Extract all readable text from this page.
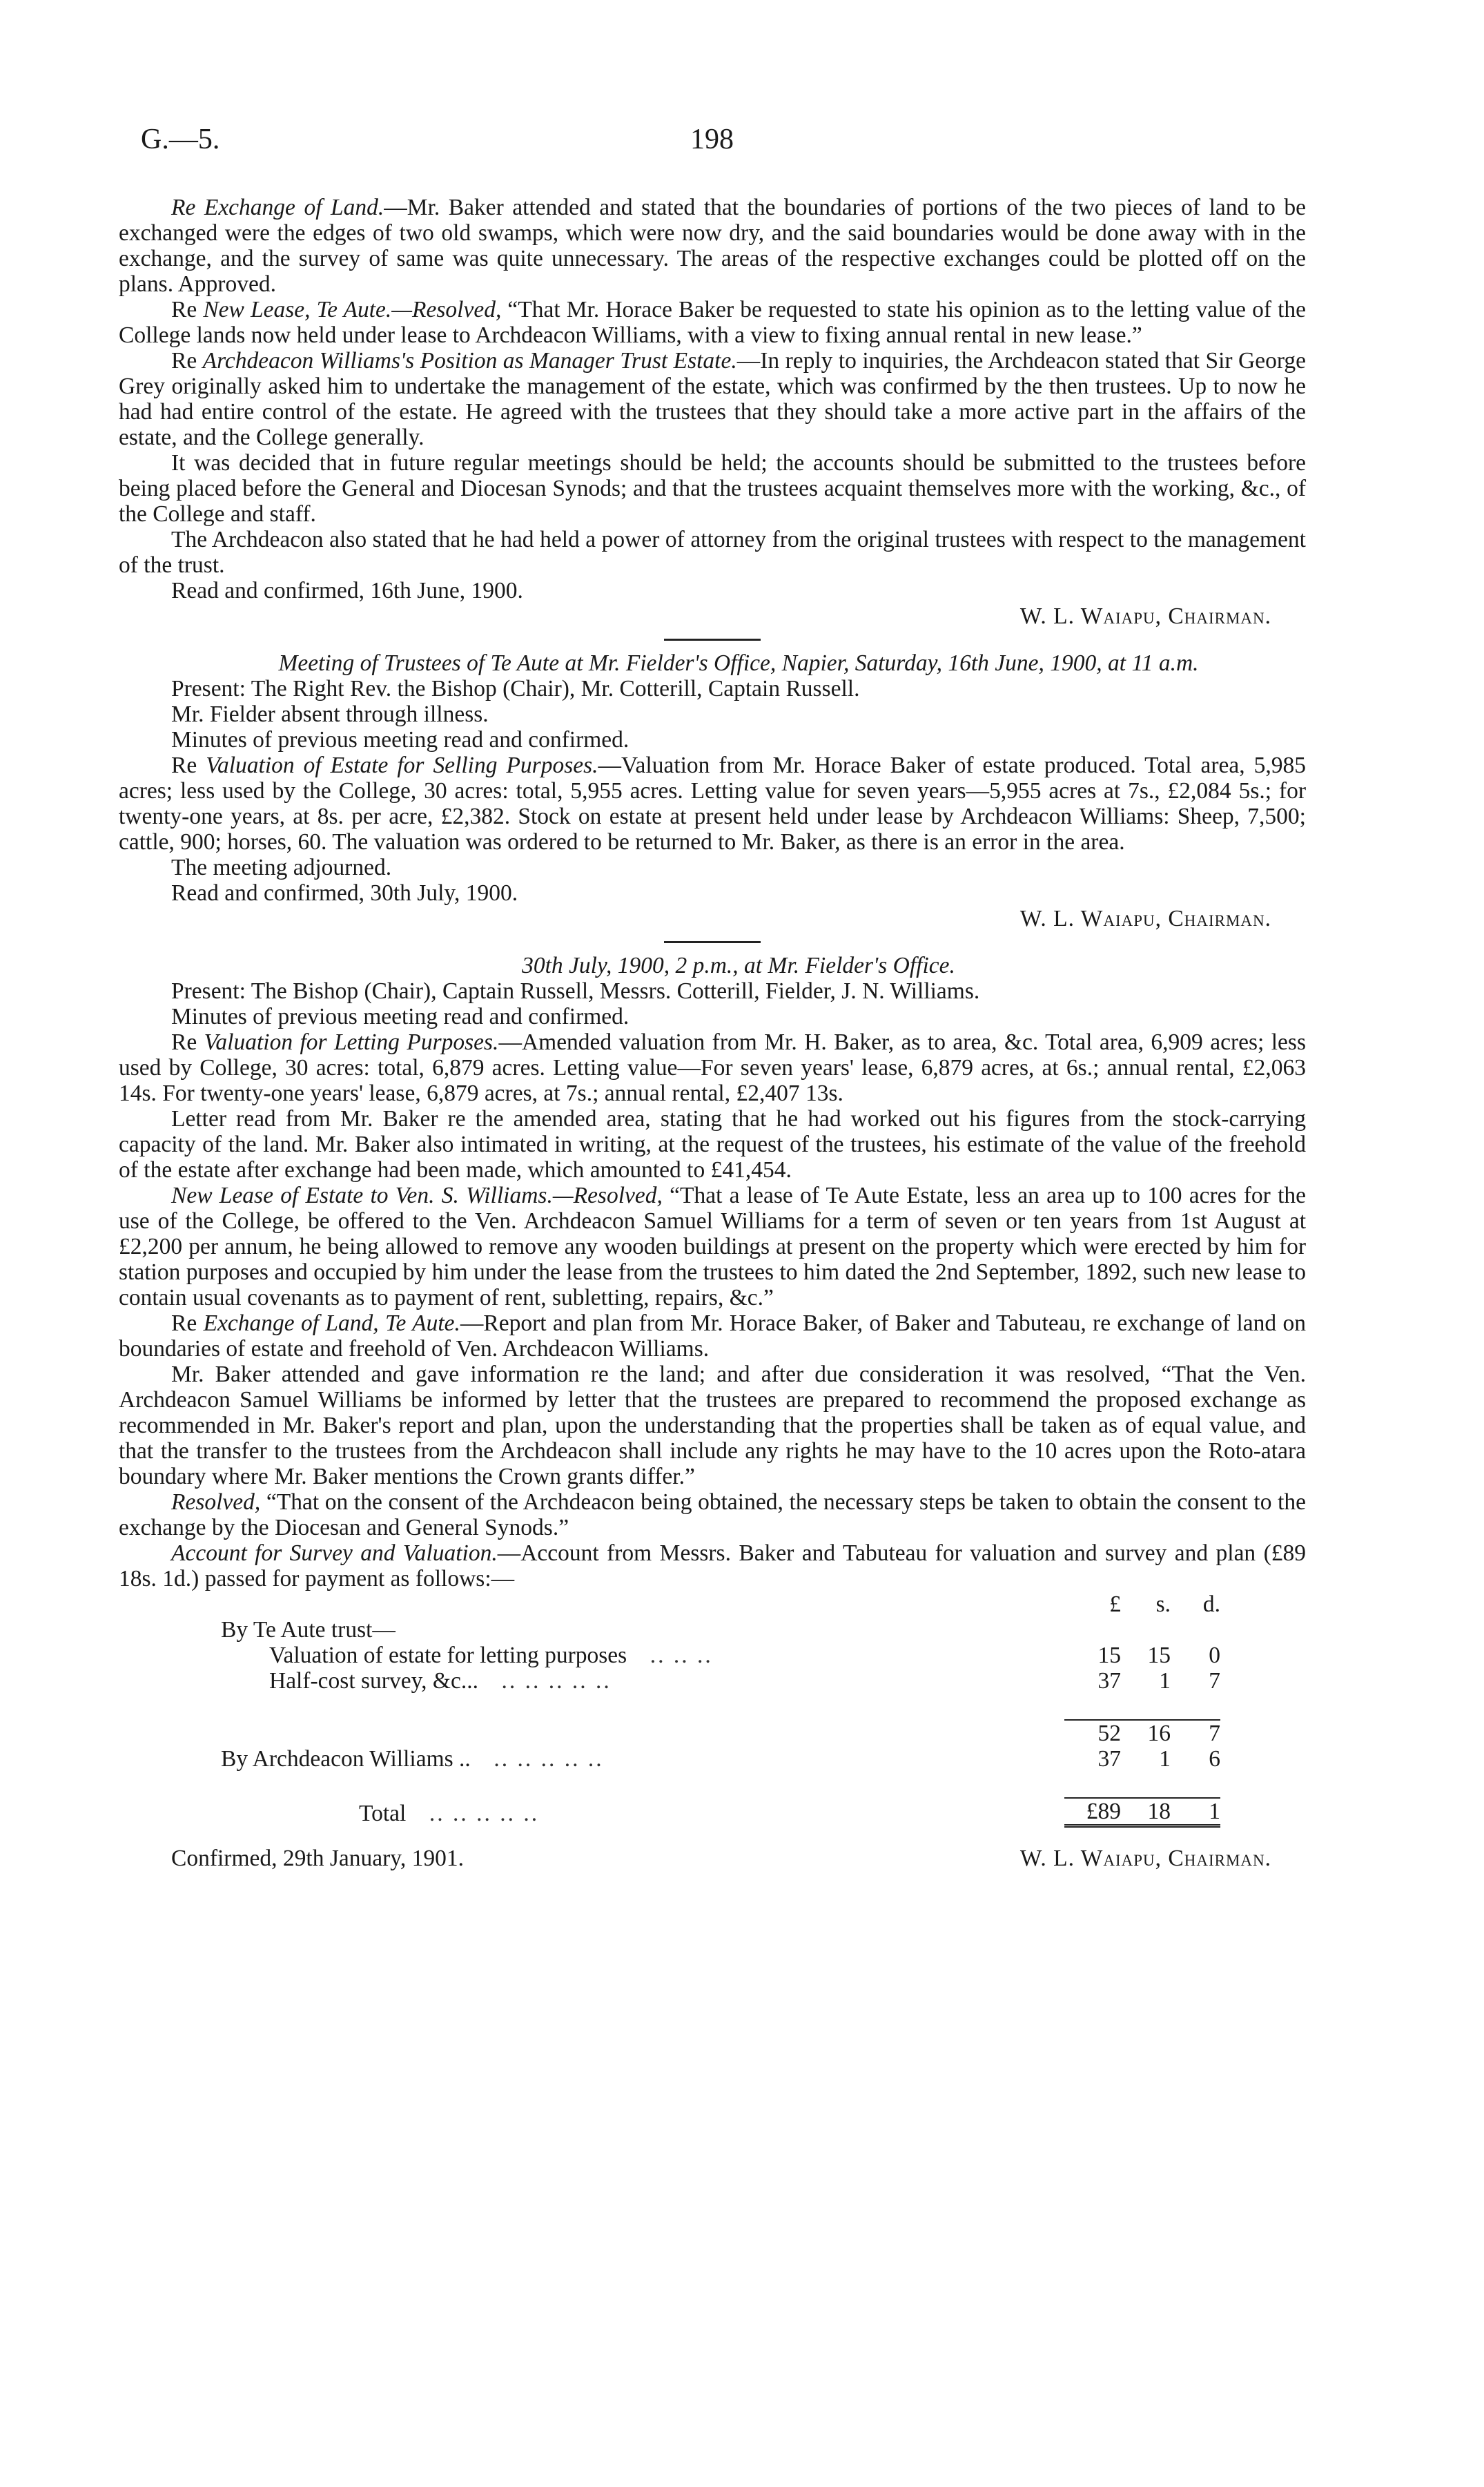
G.—5.	198

Re Exchange of Land.—Mr. Baker attended and stated that the boundaries of portions of the two pieces of land to be exchanged were the edges of two old swamps, which were now dry, and the said boundaries would be done away with in the exchange, and the survey of same was quite unnecessary. The areas of the respective exchanges could be plotted off on the plans. Approved.

Re New Lease, Te Aute.—Resolved, “That Mr. Horace Baker be requested to state his opinion as to the letting value of the College lands now held under lease to Archdeacon Williams, with a view to fixing annual rental in new lease.”

Re Archdeacon Williams's Position as Manager Trust Estate.—In reply to inquiries, the Archdeacon stated that Sir George Grey originally asked him to undertake the management of the estate, which was confirmed by the then trustees. Up to now he had had entire control of the estate. He agreed with the trustees that they should take a more active part in the affairs of the estate, and the College generally.

It was decided that in future regular meetings should be held; the accounts should be submitted to the trustees before being placed before the General and Diocesan Synods; and that the trustees acquaint themselves more with the working, &c., of the College and staff.

The Archdeacon also stated that he had held a power of attorney from the original trustees with respect to the management of the trust.

Read and confirmed, 16th June, 1900.

W. L. Waiapu, Chairman.

Meeting of Trustees of Te Aute at Mr. Fielder's Office, Napier, Saturday, 16th June, 1900, at 11 a.m.

Present: The Right Rev. the Bishop (Chair), Mr. Cotterill, Captain Russell.

Mr. Fielder absent through illness.

Minutes of previous meeting read and confirmed.

Re Valuation of Estate for Selling Purposes.—Valuation from Mr. Horace Baker of estate produced. Total area, 5,985 acres; less used by the College, 30 acres: total, 5,955 acres. Letting value for seven years—5,955 acres at 7s., £2,084 5s.; for twenty-one years, at 8s. per acre, £2,382. Stock on estate at present held under lease by Archdeacon Williams: Sheep, 7,500; cattle, 900; horses, 60. The valuation was ordered to be returned to Mr. Baker, as there is an error in the area.

The meeting adjourned.

Read and confirmed, 30th July, 1900.

W. L. Waiapu, Chairman.

30th July, 1900, 2 p.m., at Mr. Fielder's Office.

Present: The Bishop (Chair), Captain Russell, Messrs. Cotterill, Fielder, J. N. Williams.

Minutes of previous meeting read and confirmed.

Re Valuation for Letting Purposes.—Amended valuation from Mr. H. Baker, as to area, &c. Total area, 6,909 acres; less used by College, 30 acres: total, 6,879 acres. Letting value—For seven years' lease, 6,879 acres, at 6s.; annual rental, £2,063 14s. For twenty-one years' lease, 6,879 acres, at 7s.; annual rental, £2,407 13s.

Letter read from Mr. Baker re the amended area, stating that he had worked out his figures from the stock-carrying capacity of the land. Mr. Baker also intimated in writing, at the request of the trustees, his estimate of the value of the freehold of the estate after exchange had been made, which amounted to £41,454.

New Lease of Estate to Ven. S. Williams.—Resolved, “That a lease of Te Aute Estate, less an area up to 100 acres for the use of the College, be offered to the Ven. Archdeacon Samuel Williams for a term of seven or ten years from 1st August at £2,200 per annum, he being allowed to remove any wooden buildings at present on the property which were erected by him for station purposes and occupied by him under the lease from the trustees to him dated the 2nd September, 1892, such new lease to contain usual covenants as to payment of rent, subletting, repairs, &c.”

Re Exchange of Land, Te Aute.—Report and plan from Mr. Horace Baker, of Baker and Tabuteau, re exchange of land on boundaries of estate and freehold of Ven. Archdeacon Williams.

Mr. Baker attended and gave information re the land; and after due consideration it was resolved, “That the Ven. Archdeacon Samuel Williams be informed by letter that the trustees are prepared to recommend the proposed exchange as recommended in Mr. Baker's report and plan, upon the understanding that the properties shall be taken as of equal value, and that the transfer to the trustees from the Archdeacon shall include any rights he may have to the 10 acres upon the Roto-atara boundary where Mr. Baker mentions the Crown grants differ.”

Resolved, “That on the consent of the Archdeacon being obtained, the necessary steps be taken to obtain the consent to the exchange by the Diocesan and General Synods.”

Account for Survey and Valuation.—Account from Messrs. Baker and Tabuteau for valuation and survey and plan (£89 18s. 1d.) passed for payment as follows:—

		£	s.	d.
	By Te Aute trust—			
	Valuation of estate for letting purposes .. .. ..	15	15	0
	Half-cost survey, &c... .. .. .. .. ..	37	1	7

		52	16	7
	By Archdeacon Williams .. .. .. .. .. ..	37	1	6

	Total .. .. .. .. ..	£89	18	1
Confirmed, 29th January, 1901.	W. L. Waiapu, Chairman.
